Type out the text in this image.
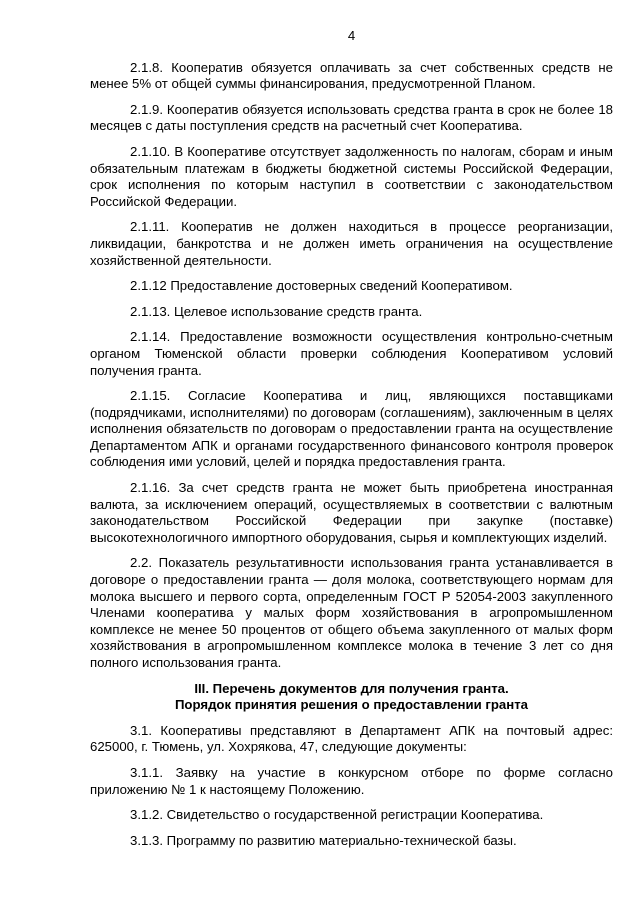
4

2.1.8. Кооператив обязуется оплачивать за счет собственных средств не менее 5% от общей суммы финансирования, предусмотренной Планом.

2.1.9. Кооператив обязуется использовать средства гранта в срок не более 18 месяцев с даты поступления средств на расчетный счет Кооператива.

2.1.10. В Кооперативе отсутствует задолженность по налогам, сборам и иным обязательным платежам в бюджеты бюджетной системы Российской Федерации, срок исполнения по которым наступил в соответствии с законодательством Российской Федерации.

2.1.11. Кооператив не должен находиться в процессе реорганизации, ликвидации, банкротства и не должен иметь ограничения на осуществление хозяйственной деятельности.

2.1.12 Предоставление достоверных сведений Кооперативом.

2.1.13. Целевое использование средств гранта.

2.1.14. Предоставление возможности осуществления контрольно-счетным органом Тюменской области проверки соблюдения Кооперативом условий получения гранта.

2.1.15. Согласие Кооператива и лиц, являющихся поставщиками (подрядчиками, исполнителями) по договорам (соглашениям), заключенным в целях исполнения обязательств по договорам о предоставлении гранта на осуществление Департаментом АПК и органами государственного финансового контроля проверок соблюдения ими условий, целей и порядка предоставления гранта.

2.1.16. За счет средств гранта не может быть приобретена иностранная валюта, за исключением операций, осуществляемых в соответствии с валютным законодательством Российской Федерации при закупке (поставке) высокотехнологичного импортного оборудования, сырья и комплектующих изделий.

2.2. Показатель результативности использования гранта устанавливается в договоре о предоставлении гранта — доля молока, соответствующего нормам для молока высшего и первого сорта, определенным ГОСТ Р 52054-2003 закупленного Членами кооператива у малых форм хозяйствования в агропромышленном комплексе не менее 50 процентов от общего объема закупленного от малых форм хозяйствования в агропромышленном комплексе молока в течение 3 лет со дня полного использования гранта.

III. Перечень документов для получения гранта.
Порядок принятия решения о предоставлении гранта

3.1. Кооперативы представляют в Департамент АПК на почтовый адрес: 625000, г. Тюмень, ул. Хохрякова, 47, следующие документы:

3.1.1. Заявку на участие в конкурсном отборе по форме согласно приложению № 1 к настоящему Положению.

3.1.2. Свидетельство о государственной регистрации Кооператива.

3.1.3. Программу по развитию материально-технической базы.
